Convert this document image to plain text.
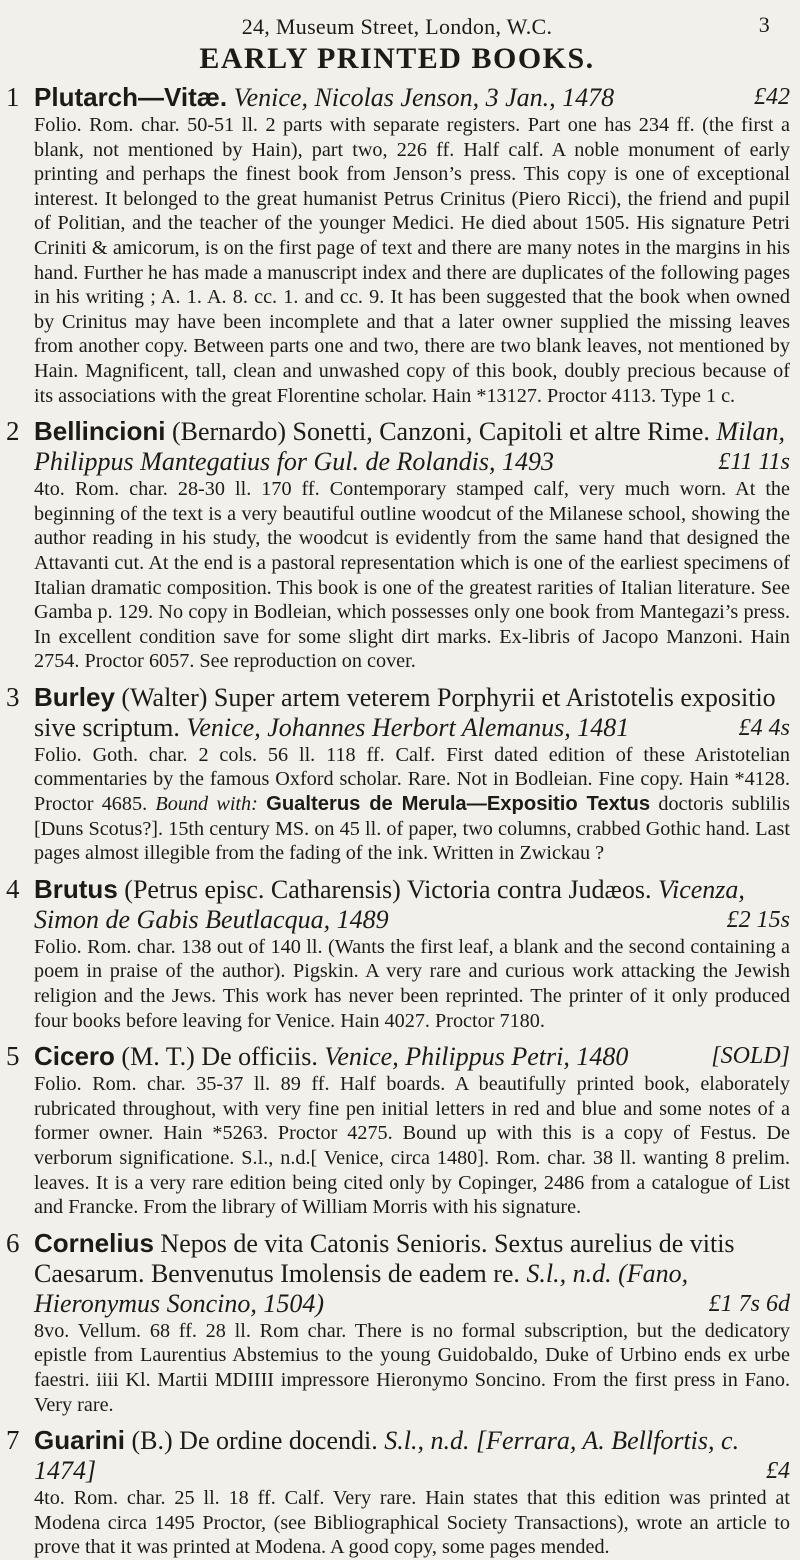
24, Museum Street, London, W.C.	3
EARLY PRINTED BOOKS.
1 Plutarch—Vitæ. Venice, Nicolas Jenson, 3 Jan., 1478	£42
Folio. Rom. char. 50-51 ll. 2 parts with separate registers. Part one has 234 ff. (the first a blank, not mentioned by Hain), part two, 226 ff. Half calf. A noble monument of early printing and perhaps the finest book from Jenson’s press. This copy is one of exceptional interest. It belonged to the great humanist Petrus Crinitus (Piero Ricci), the friend and pupil of Politian, and the teacher of the younger Medici. He died about 1505. His signature Petri Criniti & amicorum, is on the first page of text and there are many notes in the margins in his hand. Further he has made a manuscript index and there are duplicates of the following pages in his writing ; A. 1. A. 8. cc. 1. and cc. 9. It has been suggested that the book when owned by Crinitus may have been incomplete and that a later owner supplied the missing leaves from another copy. Between parts one and two, there are two blank leaves, not mentioned by Hain. Magnificent, tall, clean and unwashed copy of this book, doubly precious because of its associations with the great Florentine scholar. Hain *13127. Proctor 4113. Type 1 c.
2 Bellincioni (Bernardo) Sonetti, Canzoni, Capitoli et altre Rime. Milan, Philippus Mantegatius for Gul. de Rolandis, 1493	£11 11s
4to. Rom. char. 28-30 ll. 170 ff. Contemporary stamped calf, very much worn. At the beginning of the text is a very beautiful outline woodcut of the Milanese school, showing the author reading in his study, the woodcut is evidently from the same hand that designed the Attavanti cut. At the end is a pastoral representation which is one of the earliest specimens of Italian dramatic composition. This book is one of the greatest rarities of Italian literature. See Gamba p. 129. No copy in Bodleian, which possesses only one book from Mantegazi’s press. In excellent condition save for some slight dirt marks. Ex-libris of Jacopo Manzoni. Hain 2754. Proctor 6057. See reproduction on cover.
3 Burley (Walter) Super artem veterem Porphyrii et Aristotelis expositio sive scriptum. Venice, Johannes Herbort Alemanus, 1481	£4 4s
Folio. Goth. char. 2 cols. 56 ll. 118 ff. Calf. First dated edition of these Aristotelian commentaries by the famous Oxford scholar. Rare. Not in Bodleian. Fine copy. Hain *4128. Proctor 4685. Bound with: Gualterus de Merula—Expositio Textus doctoris sublilis [Duns Scotus?]. 15th century MS. on 45 ll. of paper, two columns, crabbed Gothic hand. Last pages almost illegible from the fading of the ink. Written in Zwickau ?
4 Brutus (Petrus episc. Catharensis) Victoria contra Judæos. Vicenza, Simon de Gabis Beutlacqua, 1489	£2 15s
Folio. Rom. char. 138 out of 140 ll. (Wants the first leaf, a blank and the second containing a poem in praise of the author). Pigskin. A very rare and curious work attacking the Jewish religion and the Jews. This work has never been reprinted. The printer of it only produced four books before leaving for Venice. Hain 4027. Proctor 7180.
5 Cicero (M. T.) De officiis. Venice, Philippus Petri, 1480	[SOLD]
Folio. Rom. char. 35-37 ll. 89 ff. Half boards. A beautifully printed book, elaborately rubricated throughout, with very fine pen initial letters in red and blue and some notes of a former owner. Hain *5263. Proctor 4275. Bound up with this is a copy of Festus. De verborum significatione. S.l., n.d.[ Venice, circa 1480]. Rom. char. 38 ll. wanting 8 prelim. leaves. It is a very rare edition being cited only by Copinger, 2486 from a catalogue of List and Francke. From the library of William Morris with his signature.
6 Cornelius Nepos de vita Catonis Senioris. Sextus aurelius de vitis Caesarum. Benvenutus Imolensis de eadem re. S.l., n.d. (Fano, Hieronymus Soncino, 1504)	£1 7s 6d
8vo. Vellum. 68 ff. 28 ll. Rom char. There is no formal subscription, but the dedicatory epistle from Laurentius Abstemius to the young Guidobaldo, Duke of Urbino ends ex urbe faestri. iiii Kl. Martii MDIIII impressore Hieronymo Soncino. From the first press in Fano. Very rare.
7 Guarini (B.) De ordine docendi. S.l., n.d. [Ferrara, A. Bellfortis, c. 1474]	£4
4to. Rom. char. 25 ll. 18 ff. Calf. Very rare. Hain states that this edition was printed at Modena circa 1495 Proctor, (see Bibliographical Society Transactions), wrote an article to prove that it was printed at Modena. A good copy, some pages mended.
